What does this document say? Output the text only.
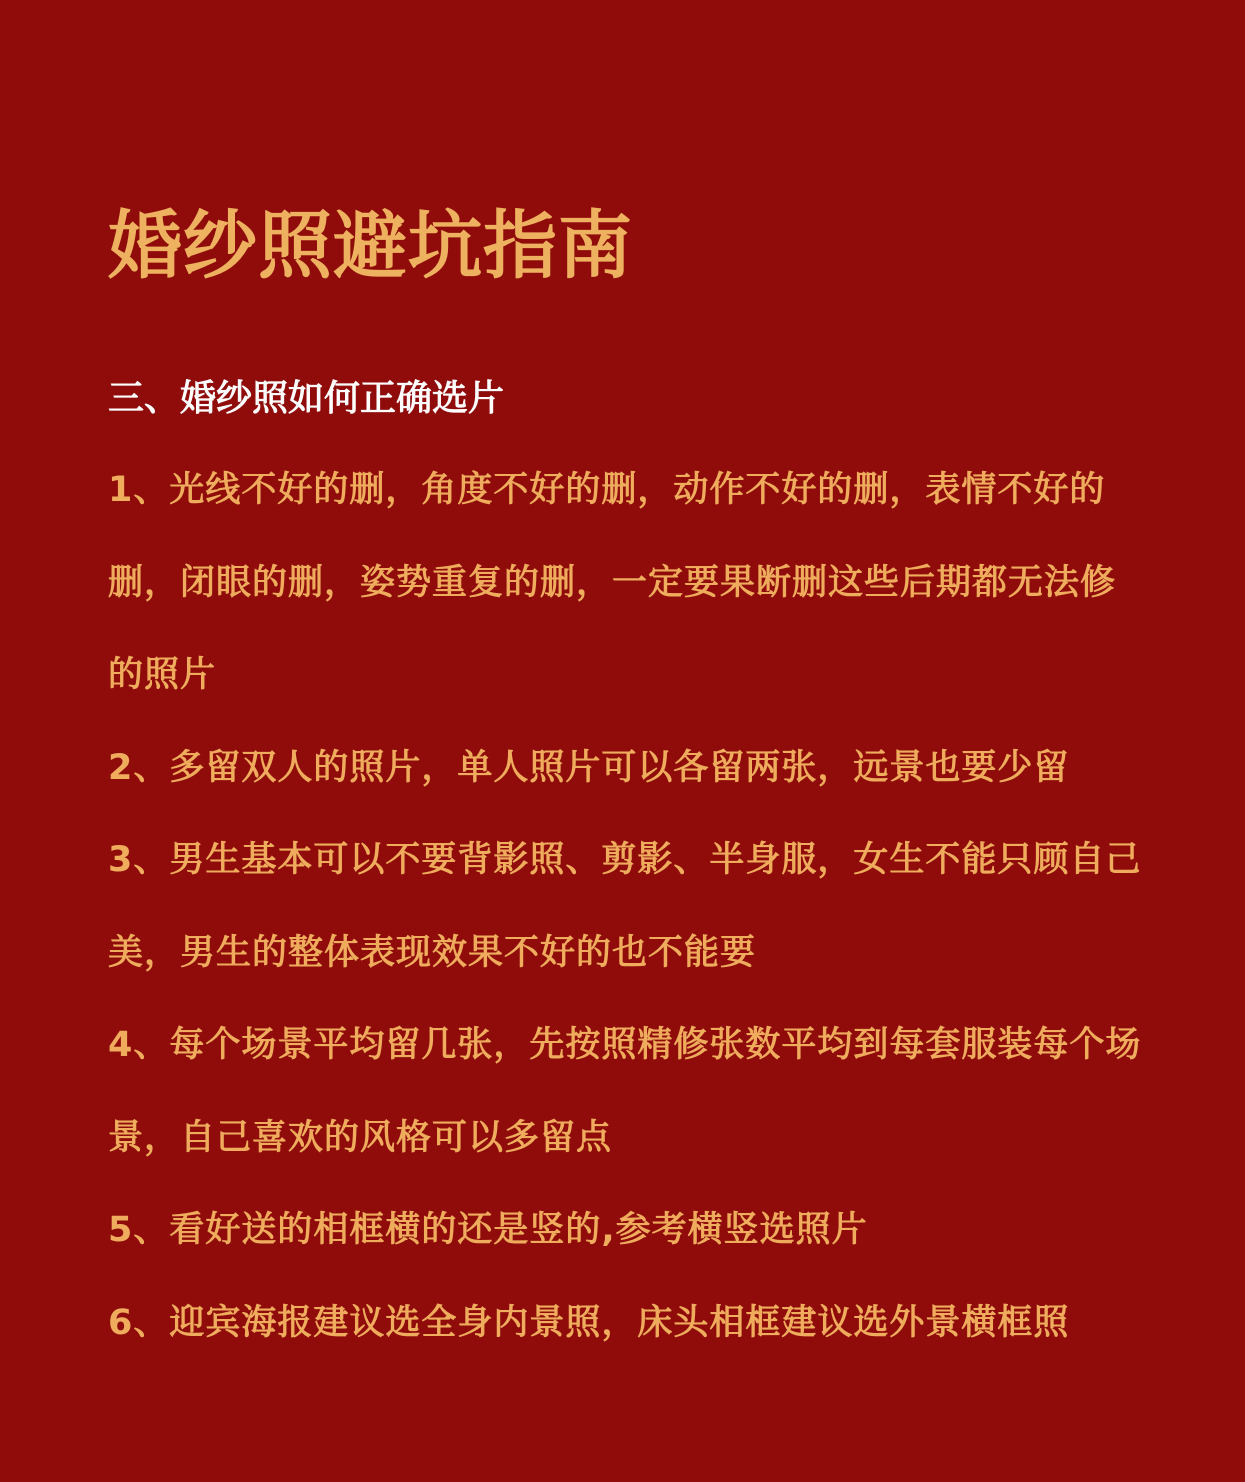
婚纱照避坑指南
三、婚纱照如何正确选片
1、光线不好的删，角度不好的删，动作不好的删，表情不好的删，闭眼的删，姿势重复的删，一定要果断删这些后期都无法修的照片
2、多留双人的照片，单人照片可以各留两张，远景也要少留
3、男生基本可以不要背影照、剪影、半身服，女生不能只顾自己美，男生的整体表现效果不好的也不能要
4、每个场景平均留几张，先按照精修张数平均到每套服装每个场景，自己喜欢的风格可以多留点
5、看好送的相框横的还是竖的,参考横竖选照片
6、迎宾海报建议选全身内景照，床头相框建议选外景横框照
